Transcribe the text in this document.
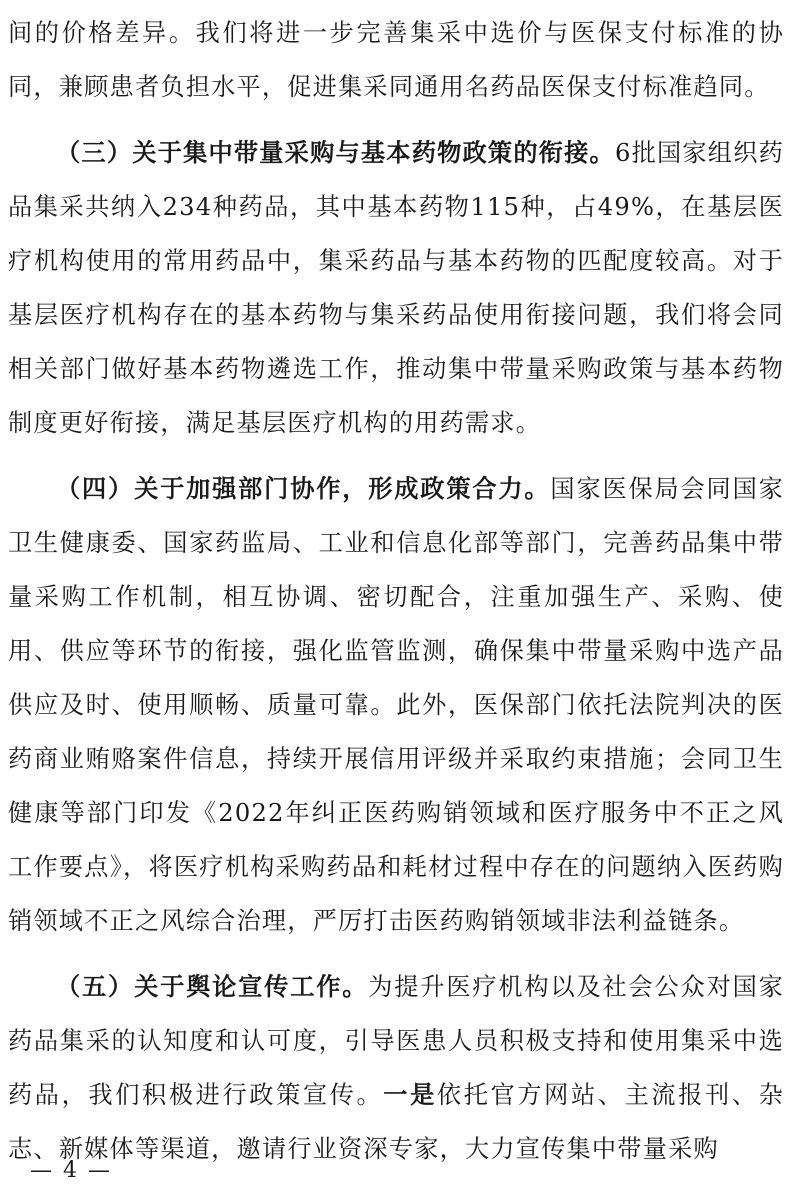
间的价格差异。我们将进一步完善集采中选价与医保支付标准的协同，兼顾患者负担水平，促进集采同通用名药品医保支付标准趋同。

（三）关于集中带量采购与基本药物政策的衔接。6批国家组织药品集采共纳入234种药品，其中基本药物115种，占49%，在基层医疗机构使用的常用药品中，集采药品与基本药物的匹配度较高。对于基层医疗机构存在的基本药物与集采药品使用衔接问题，我们将会同相关部门做好基本药物遴选工作，推动集中带量采购政策与基本药物制度更好衔接，满足基层医疗机构的用药需求。

（四）关于加强部门协作，形成政策合力。国家医保局会同国家卫生健康委、国家药监局、工业和信息化部等部门，完善药品集中带量采购工作机制，相互协调、密切配合，注重加强生产、采购、使用、供应等环节的衔接，强化监管监测，确保集中带量采购中选产品供应及时、使用顺畅、质量可靠。此外，医保部门依托法院判决的医药商业贿赂案件信息，持续开展信用评级并采取约束措施；会同卫生健康等部门印发《2022年纠正医药购销领域和医疗服务中不正之风工作要点》，将医疗机构采购药品和耗材过程中存在的问题纳入医药购销领域不正之风综合治理，严厉打击医药购销领域非法利益链条。

（五）关于舆论宣传工作。为提升医疗机构以及社会公众对国家药品集采的认知度和认可度，引导医患人员积极支持和使用集采中选药品，我们积极进行政策宣传。一是依托官方网站、主流报刊、杂志、新媒体等渠道，邀请行业资深专家，大力宣传集中带量采购

— 4 —
